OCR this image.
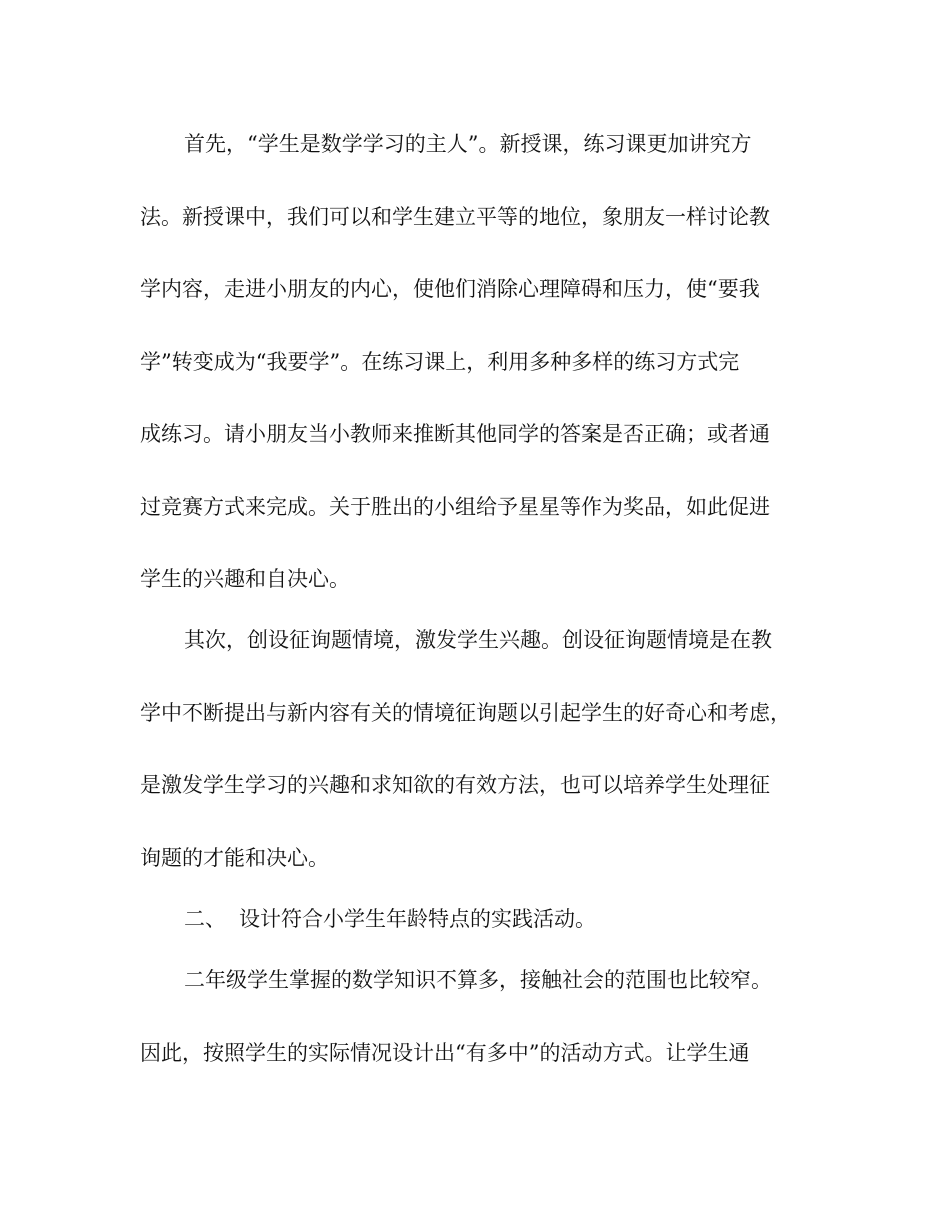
首先，“学生是数学学习的主人”。新授课，练习课更加讲究方
法。新授课中，我们可以和学生建立平等的地位，象朋友一样讨论教
学内容，走进小朋友的内心，使他们消除心理障碍和压力，使“要我
学”转变成为“我要学”。在练习课上，利用多种多样的练习方式完
成练习。请小朋友当小教师来推断其他同学的答案是否正确；或者通
过竞赛方式来完成。关于胜出的小组给予星星等作为奖品，如此促进
学生的兴趣和自决心。
其次，创设征询题情境，激发学生兴趣。创设征询题情境是在教
学中不断提出与新内容有关的情境征询题以引起学生的好奇心和考虑，
是激发学生学习的兴趣和求知欲的有效方法，也可以培养学生处理征
询题的才能和决心。
二、 设计符合小学生年龄特点的实践活动。
二年级学生掌握的数学知识不算多，接触社会的范围也比较窄。
因此，按照学生的实际情况设计出“有多中”的活动方式。让学生通
